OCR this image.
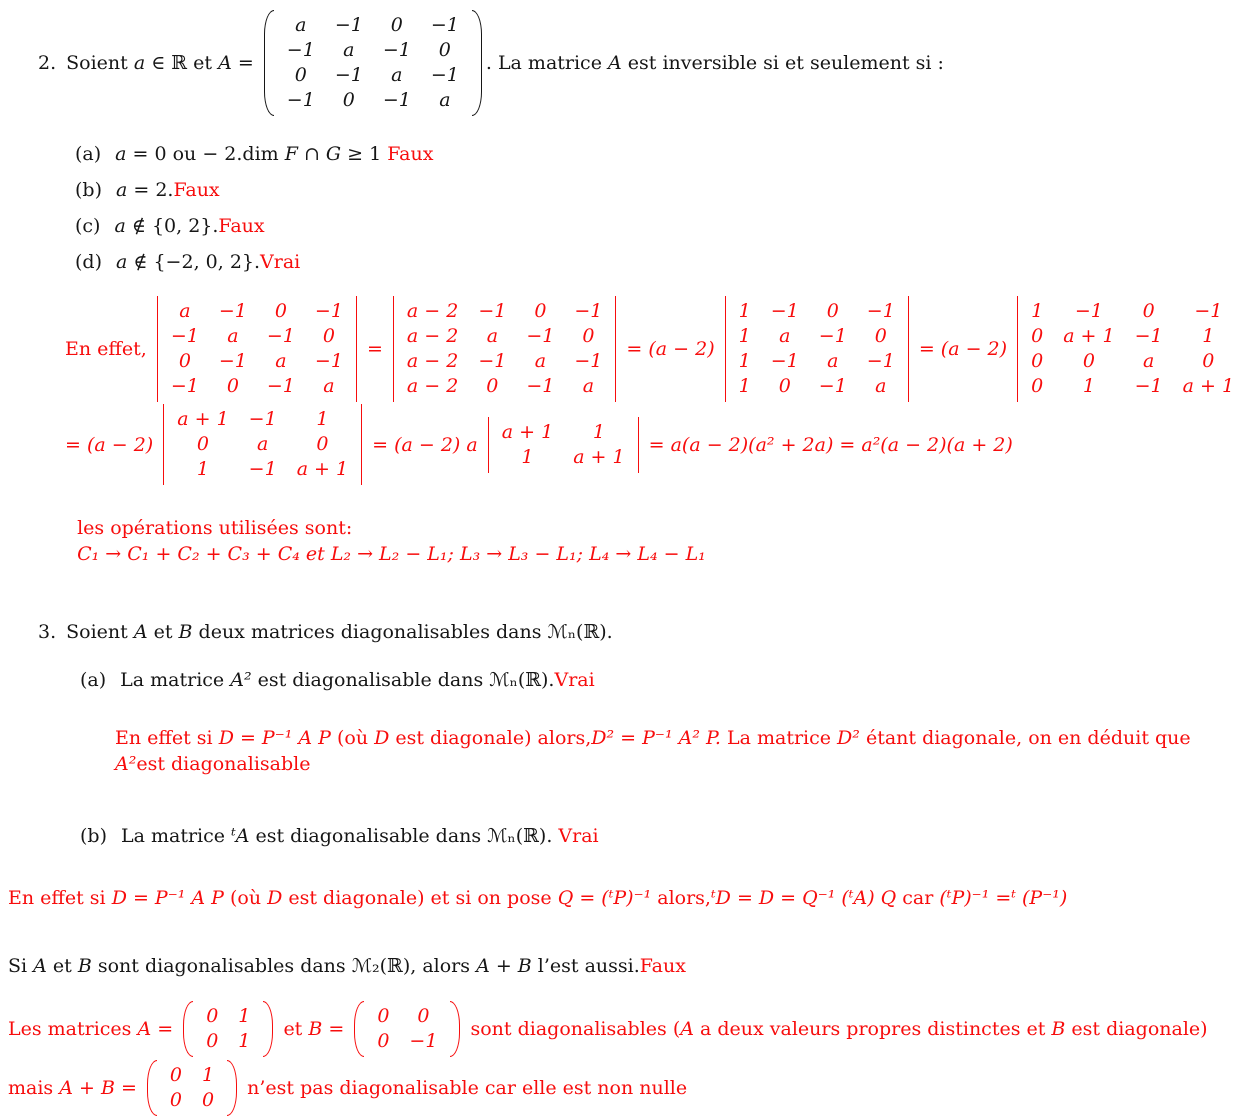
2. Soient a ∈ ℝ et A =
a	−1	0	−1
−1	a	−1	0
0	−1	a	−1
−1	0	−1	a
. La matrice A est inversible si et seulement si :
(a) a = 0 ou − 2.dim F ∩ G ≥ 1 Faux
(b) a = 2. Faux
(c) a ∉ {0, 2}. Faux
(d) a ∉ {−2, 0, 2}. Vrai
En effet,
a	−1	0	−1
−1	a	−1	0
0	−1	a	−1
−1	0	−1	a
=
a − 2	−1	0	−1
a − 2	a	−1	0
a − 2	−1	a	−1
a − 2	0	−1	a
= (a − 2)
1	−1	0	−1
1	a	−1	0
1	−1	a	−1
1	0	−1	a
= (a − 2)
1	−1	0	−1
0	a + 1	−1	1
0	0	a	0
0	1	−1	a + 1
= (a − 2)
a + 1	−1	1
0	a	0
1	−1	a + 1
= (a − 2) a
a + 1	1
1	a + 1
= a(a − 2)(a² + 2a) = a²(a − 2)(a + 2)

les opérations utilisées sont:
C₁ → C₁ + C₂ + C₃ + C₄ et L₂ → L₂ − L₁; L₃ → L₃ − L₁; L₄ → L₄ − L₁

3. Soient A et B deux matrices diagonalisables dans ℳₙ(ℝ).
(a) La matrice A² est diagonalisable dans ℳₙ(ℝ). Vrai
En effet si D = P⁻¹ A P (où D est diagonale) alors,D² = P⁻¹ A² P. La matrice D² étant diagonale, on en déduit que A²est diagonalisable
(b) La matrice ᵗA est diagonalisable dans ℳₙ(ℝ). Vrai
En effet si D = P⁻¹ A P (où D est diagonale) et si on pose Q = (ᵗP)⁻¹ alors,ᵗD = D = Q⁻¹ (ᵗA) Q car (ᵗP)⁻¹ =ᵗ (P⁻¹)
Si A et B sont diagonalisables dans ℳ₂(ℝ), alors A + B l’est aussi. Faux
Les matrices A =
0	1
0	1
et B =
0	0
0	−1
sont diagonalisables (A a deux valeurs propres distinctes et B est diagonale)
mais A + B =
0	1
0	0
n’est pas diagonalisable car elle est non nulle
